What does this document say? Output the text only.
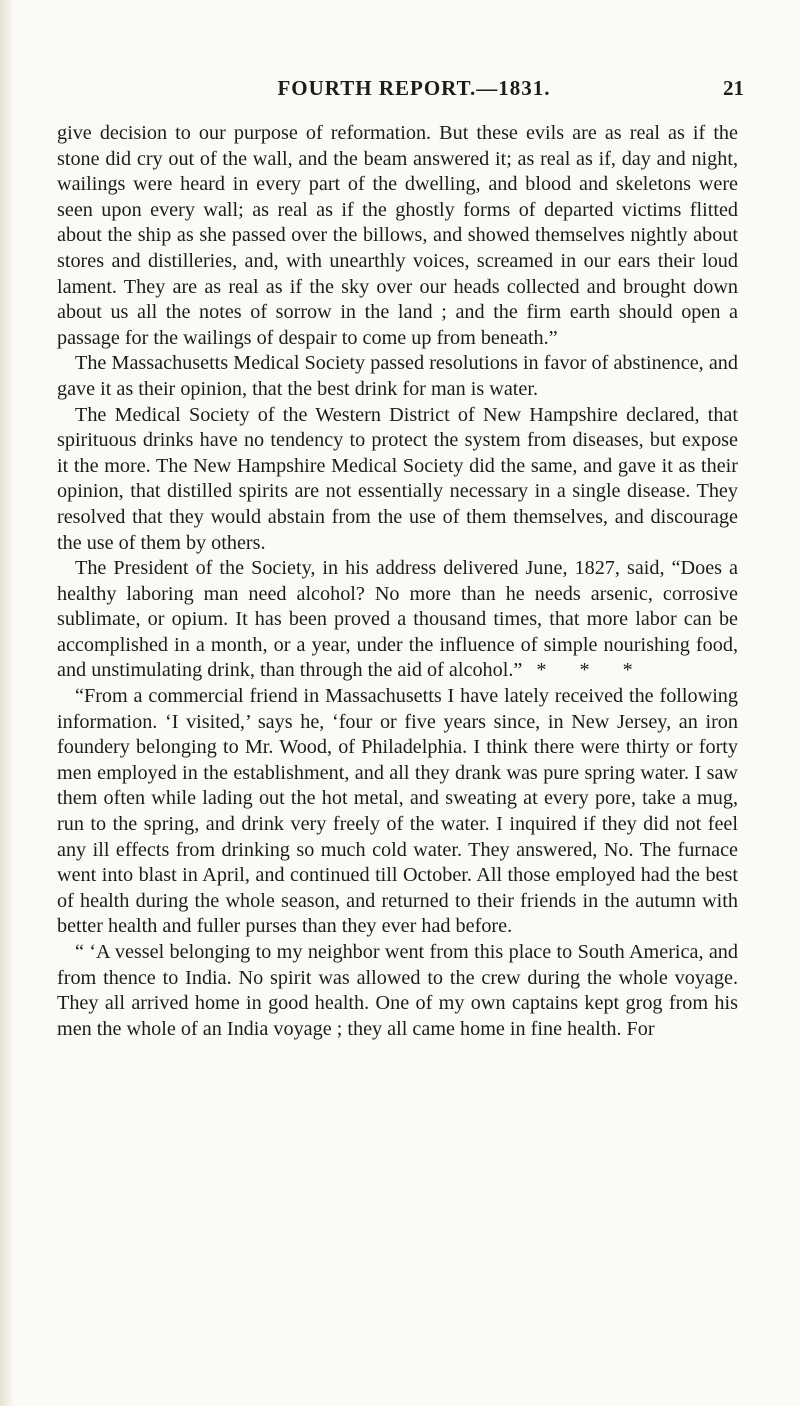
FOURTH REPORT.—1831.	21

give decision to our purpose of reformation. But these evils are as real as if the stone did cry out of the wall, and the beam answered it; as real as if, day and night, wailings were heard in every part of the dwelling, and blood and skeletons were seen upon every wall; as real as if the ghostly forms of departed victims flitted about the ship as she passed over the billows, and showed themselves nightly about stores and distilleries, and, with unearthly voices, screamed in our ears their loud lament. They are as real as if the sky over our heads collected and brought down about us all the notes of sorrow in the land ; and the firm earth should open a passage for the wailings of despair to come up from beneath.”

The Massachusetts Medical Society passed resolutions in favor of abstinence, and gave it as their opinion, that the best drink for man is water.

The Medical Society of the Western District of New Hampshire declared, that spirituous drinks have no tendency to protect the system from diseases, but expose it the more. The New Hampshire Medical Society did the same, and gave it as their opinion, that distilled spirits are not essentially necessary in a single disease. They resolved that they would abstain from the use of them themselves, and discourage the use of them by others.

The President of the Society, in his address delivered June, 1827, said, “Does a healthy laboring man need alcohol? No more than he needs arsenic, corrosive sublimate, or opium. It has been proved a thousand times, that more labor can be accomplished in a month, or a year, under the influence of simple nourishing food, and unstimulating drink, than through the aid of alcohol.” * * *

“From a commercial friend in Massachusetts I have lately received the following information. ‘I visited,’ says he, ‘four or five years since, in New Jersey, an iron foundery belonging to Mr. Wood, of Philadelphia. I think there were thirty or forty men employed in the establishment, and all they drank was pure spring water. I saw them often while lading out the hot metal, and sweating at every pore, take a mug, run to the spring, and drink very freely of the water. I inquired if they did not feel any ill effects from drinking so much cold water. They answered, No. The furnace went into blast in April, and continued till October. All those employed had the best of health during the whole season, and returned to their friends in the autumn with better health and fuller purses than they ever had before.

“ ‘A vessel belonging to my neighbor went from this place to South America, and from thence to India. No spirit was allowed to the crew during the whole voyage. They all arrived home in good health. One of my own captains kept grog from his men the whole of an India voyage ; they all came home in fine health. For
